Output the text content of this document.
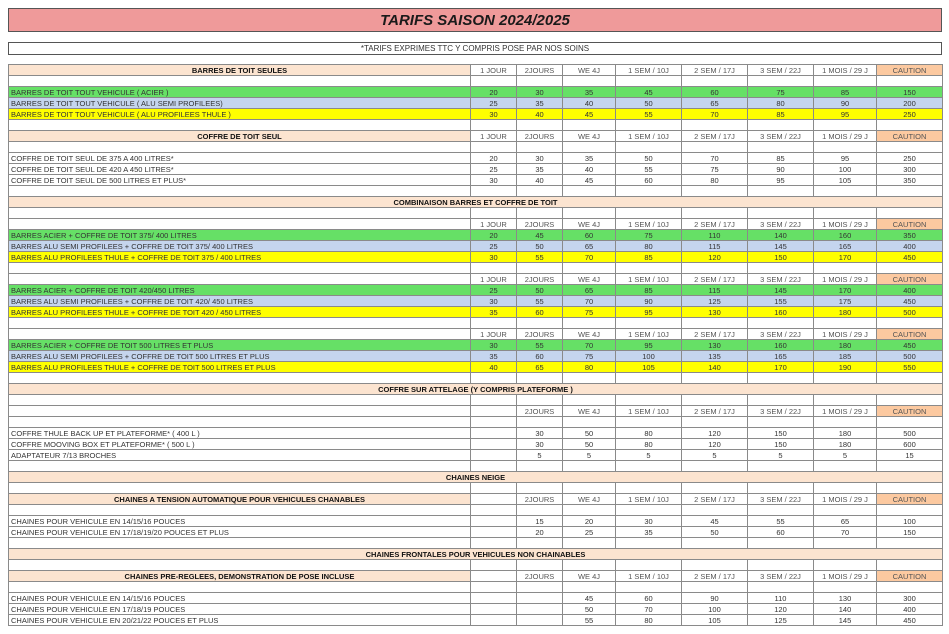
TARIFS SAISON 2024/2025
*TARIFS EXPRIMES TTC Y COMPRIS POSE PAR NOS SOINS
BARRES DE TOIT SEULES	1 JOUR	2JOURS	WE 4J	1 SEM / 10J	2 SEM / 17J	3 SEM / 22J	1 MOIS / 29 J	CAUTION

BARRES DE TOIT TOUT VEHICULE ( ACIER )	20	30	35	45	60	75	85	150
BARRES DE TOIT TOUT VEHICULE ( ALU SEMI PROFILEES)	25	35	40	50	65	80	90	200
BARRES DE TOIT TOUT VEHICULE ( ALU PROFILEES THULE )	30	40	45	55	70	85	95	250

COFFRE DE TOIT SEUL	1 JOUR	2JOURS	WE 4J	1 SEM / 10J	2 SEM / 17J	3 SEM / 22J	1 MOIS / 29 J	CAUTION

COFFRE DE TOIT SEUL DE 375 A 400 LITRES*	20	30	35	50	70	85	95	250
COFFRE DE TOIT SEUL DE 420 A 450 LITRES*	25	35	40	55	75	90	100	300
COFFRE DE TOIT SEUL DE 500 LITRES ET PLUS*	30	40	45	60	80	95	105	350

COMBINAISON BARRES ET COFFRE DE TOIT								

	1 JOUR	2JOURS	WE 4J	1 SEM / 10J	2 SEM / 17J	3 SEM / 22J	1 MOIS / 29 J	CAUTION
BARRES ACIER + COFFRE DE TOIT 375/ 400 LITRES	20	45	60	75	110	140	160	350
BARRES ALU SEMI PROFILEES + COFFRE DE TOIT 375/ 400 LITRES	25	50	65	80	115	145	165	400
BARRES ALU PROFILEES THULE + COFFRE DE TOIT 375 / 400 LITRES	30	55	70	85	120	150	170	450

	1 JOUR	2JOURS	WE 4J	1 SEM / 10J	2 SEM / 17J	3 SEM / 22J	1 MOIS / 29 J	CAUTION
BARRES ACIER + COFFRE DE TOIT 420/450 LITRES	25	50	65	85	115	145	170	400
BARRES ALU SEMI PROFILEES + COFFRE DE TOIT 420/ 450 LITRES	30	55	70	90	125	155	175	450
BARRES ALU PROFILEES THULE + COFFRE DE TOIT 420 / 450 LITRES	35	60	75	95	130	160	180	500

	1 JOUR	2JOURS	WE 4J	1 SEM / 10J	2 SEM / 17J	3 SEM / 22J	1 MOIS / 29 J	CAUTION
BARRES ACIER + COFFRE DE TOIT 500 LITRES ET PLUS	30	55	70	95	130	160	180	450
BARRES ALU SEMI PROFILEES + COFFRE DE TOIT 500 LITRES ET PLUS	35	60	75	100	135	165	185	500
BARRES ALU PROFILEES THULE + COFFRE DE TOIT 500 LITRES ET PLUS	40	65	80	105	140	170	190	550

COFFRE SUR ATTELAGE (Y COMPRIS PLATEFORME )								

		2JOURS	WE 4J	1 SEM / 10J	2 SEM / 17J	3 SEM / 22J	1 MOIS / 29 J	CAUTION

COFFRE THULE BACK UP ET PLATEFORME* ( 400 L )		30	50	80	120	150	180	500
COFFRE MOOVING BOX ET PLATEFORME* ( 500 L )		30	50	80	120	150	180	600
ADAPTATEUR 7/13 BROCHES		5	5	5	5	5	5	15

CHAINES NEIGE								

CHAINES A TENSION AUTOMATIQUE POUR VEHICULES CHANABLES		2JOURS	WE 4J	1 SEM / 10J	2 SEM / 17J	3 SEM / 22J	1 MOIS / 29 J	CAUTION

CHAINES POUR VEHICULE EN 14/15/16 POUCES		15	20	30	45	55	65	100
CHAINES POUR VEHICULE EN 17/18/19/20 POUCES ET PLUS		20	25	35	50	60	70	150

CHAINES FRONTALES POUR VEHICULES NON CHAINABLES								

CHAINES PRE-REGLEES, DEMONSTRATION DE POSE INCLUSE		2JOURS	WE 4J	1 SEM / 10J	2 SEM / 17J	3 SEM / 22J	1 MOIS / 29 J	CAUTION

CHAINES POUR VEHICULE EN 14/15/16 POUCES			45	60	90	110	130	300
CHAINES POUR VEHICULE EN 17/18/19 POUCES			50	70	100	120	140	400
CHAINES POUR VEHICULE EN 20/21/22 POUCES ET PLUS			55	80	105	125	145	450
